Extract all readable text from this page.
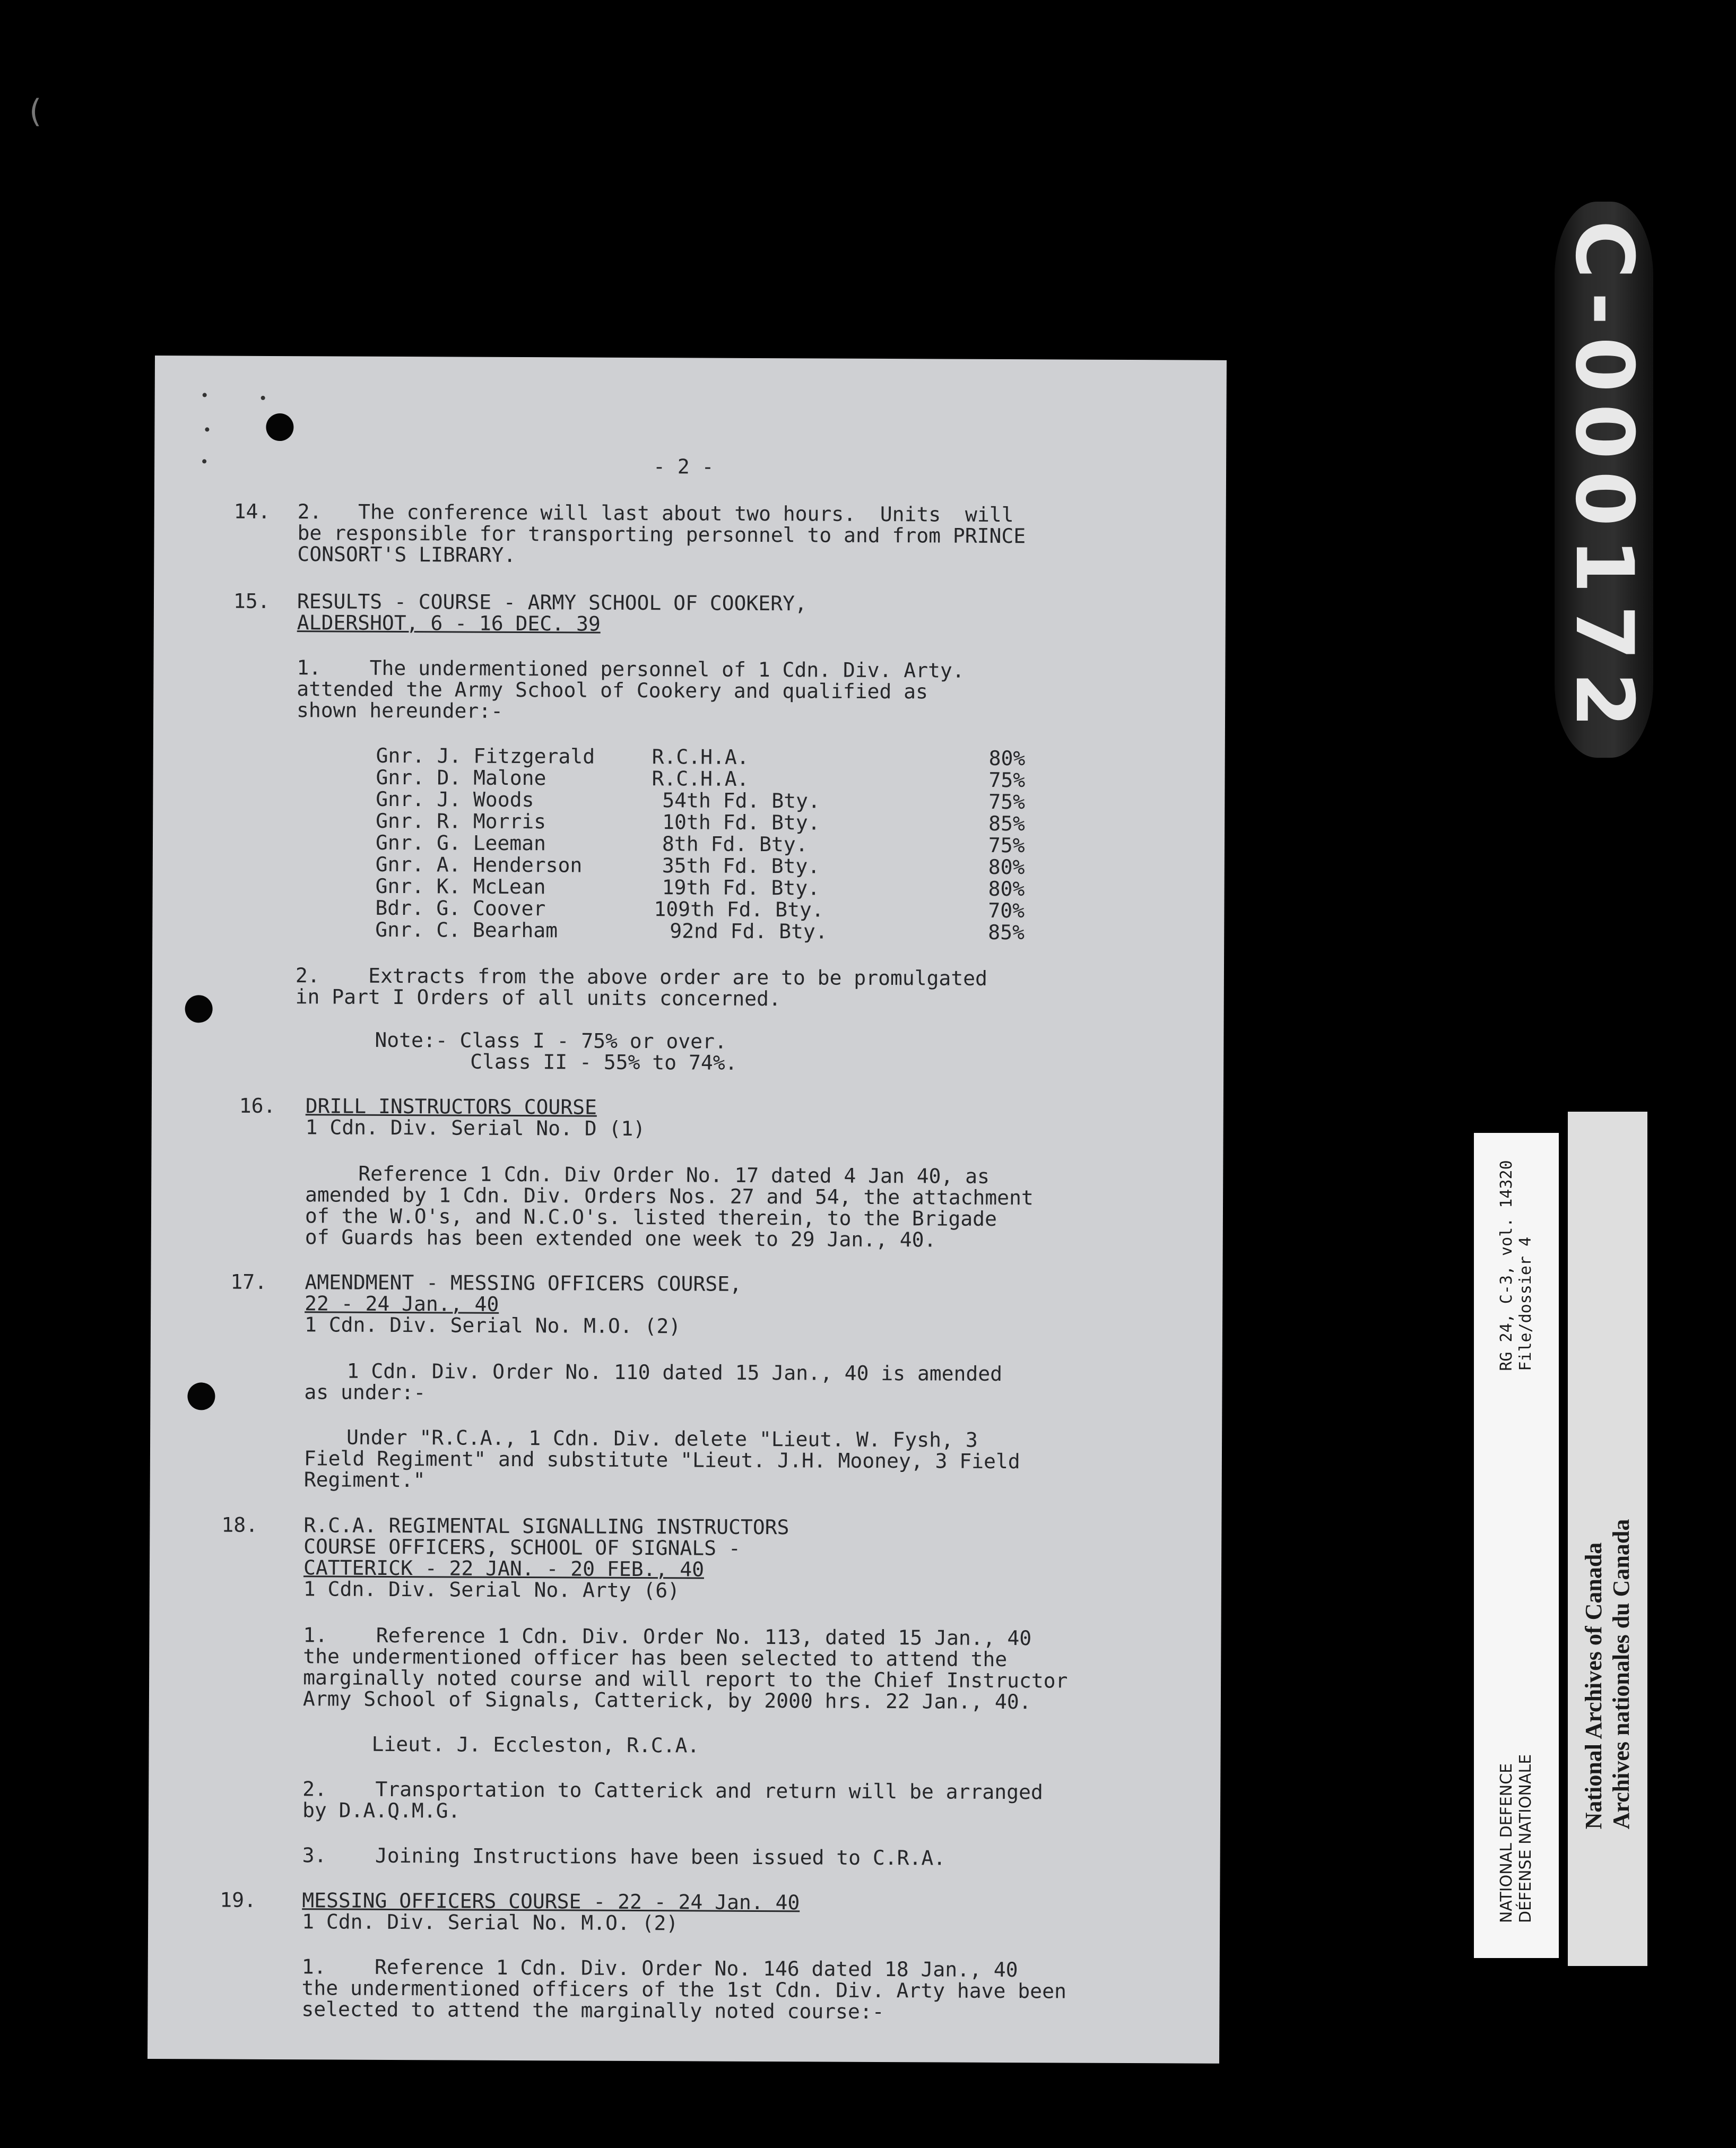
(
- 2 -
14. 2.   The conference will last about two hours.  Units  will
be responsible for transporting personnel to and from PRINCE
CONSORT'S LIBRARY.
15. RESULTS - COURSE - ARMY SCHOOL OF COOKERY,
ALDERSHOT, 6 - 16 DEC. 39
1.    The undermentioned personnel of 1 Cdn. Div. Arty.
attended the Army School of Cookery and qualified as
shown hereunder:-
Gnr. J. Fitzgerald	R.C.H.A.	80%
Gnr. D. Malone	R.C.H.A.	75%
Gnr. J. Woods	54th Fd. Bty.	75%
Gnr. R. Morris	10th Fd. Bty.	85%
Gnr. G. Leeman	8th Fd. Bty.	75%
Gnr. A. Henderson	35th Fd. Bty.	80%
Gnr. K. McLean	19th Fd. Bty.	80%
Bdr. G. Coover	109th Fd. Bty.	70%
Gnr. C. Bearham	92nd Fd. Bty.	85%
2.    Extracts from the above order are to be promulgated
in Part I Orders of all units concerned.
Note:- Class I - 75% or over.
Class II - 55% to 74%.
16. DRILL INSTRUCTORS COURSE
1 Cdn. Div. Serial No. D (1)
Reference 1 Cdn. Div Order No. 17 dated 4 Jan 40, as
amended by 1 Cdn. Div. Orders Nos. 27 and 54, the attachment
of the W.O's, and N.C.O's. listed therein, to the Brigade
of Guards has been extended one week to 29 Jan., 40.
17. AMENDMENT - MESSING OFFICERS COURSE,
22 - 24 Jan., 40
1 Cdn. Div. Serial No. M.O. (2)
1 Cdn. Div. Order No. 110 dated 15 Jan., 40 is amended
as under:-
Under "R.C.A., 1 Cdn. Div. delete "Lieut. W. Fysh, 3
Field Regiment" and substitute "Lieut. J.H. Mooney, 3 Field
Regiment."
18. R.C.A. REGIMENTAL SIGNALLING INSTRUCTORS
COURSE OFFICERS, SCHOOL OF SIGNALS -
CATTERICK - 22 JAN. - 20 FEB., 40
1 Cdn. Div. Serial No. Arty (6)
1.    Reference 1 Cdn. Div. Order No. 113, dated 15 Jan., 40
the undermentioned officer has been selected to attend the
marginally noted course and will report to the Chief Instructor
Army School of Signals, Catterick, by 2000 hrs. 22 Jan., 40.
Lieut. J. Eccleston, R.C.A.
2.    Transportation to Catterick and return will be arranged
by D.A.Q.M.G.
3.    Joining Instructions have been issued to C.R.A.
19. MESSING OFFICERS COURSE - 22 - 24 Jan. 40
1 Cdn. Div. Serial No. M.O. (2)
1.    Reference 1 Cdn. Div. Order No. 146 dated 18 Jan., 40
the undermentioned officers of the 1st Cdn. Div. Arty have been
selected to attend the marginally noted course:-
C-000172
NATIONAL DEFENCE DÉFENSE NATIONALE
RG 24, C-3, vol. 14320 File/dossier 4
National Archives of Canada Archives nationales du Canada
